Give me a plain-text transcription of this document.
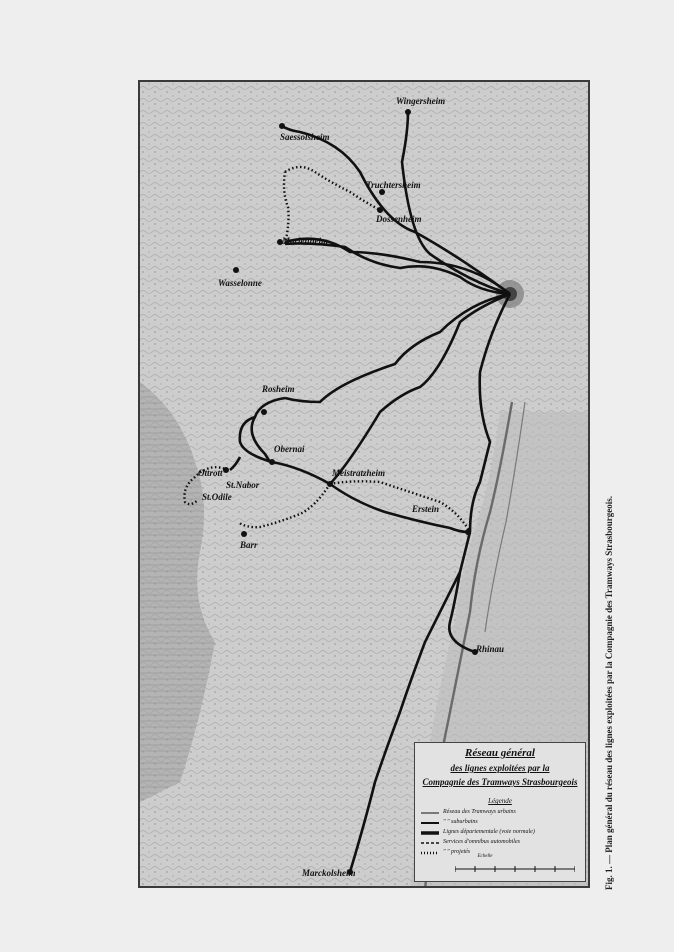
Wingersheim
Saessolsheim
Truchtersheim
Dossenheim
Marlenheim
Wasselonne
Rosheim
Obernai
Ottrott
St.Nabor
St.Odile
Meistratzheim
Erstein
Barr
Rhinau
Marckolsheim
Réseau général
des lignes exploitées par la
Compagnie des Tramways Strasbourgeois
Légende
Réseau des Tramways urbains
" " suburbains
Lignes départementale (voie normale)
Services d'omnibus automobiles
" " projetés
Echelle	Fig. 1. — Plan général du réseau des lignes exploitées par la Compagnie des Tramways Strasbourgeois.
